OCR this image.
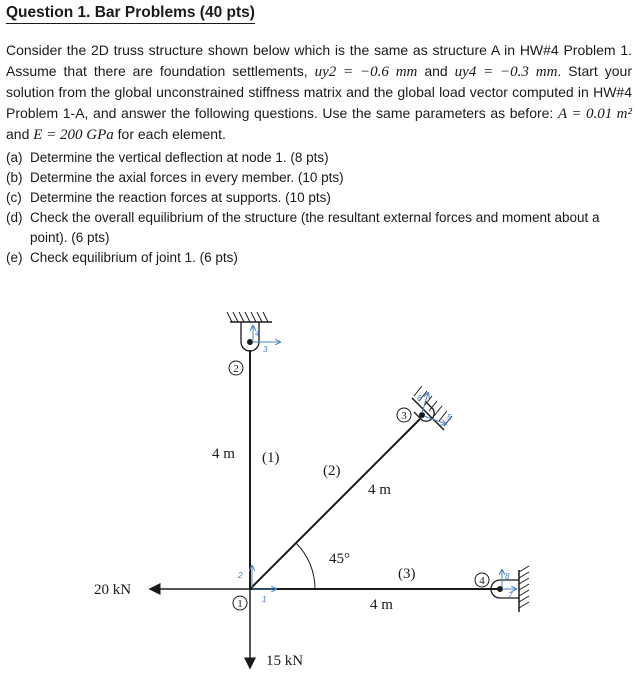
Question 1. Bar Problems (40 pts)

Consider the 2D truss structure shown below which is the same as structure A in HW#4 Problem 1. Assume that there are foundation settlements, uy2 = −0.6 mm and uy4 = −0.3 mm. Start your solution from the global unconstrained stiffness matrix and the global load vector computed in HW#4 Problem 1-A, and answer the following questions. Use the same parameters as before: A = 0.01 m² and E = 200 GPa for each element.

(a) Determine the vertical deflection at node 1. (8 pts)
(b) Determine the axial forces in every member. (10 pts)
(c) Determine the reaction forces at supports. (10 pts)
(d) Check the overall equilibrium of the structure (the resultant external forces and moment about a point). (6 pts)
(e) Check equilibrium of joint 1. (6 pts)
4
3
2
6
5
3
8
7
4
2
1
1
20 kN
15 kN
4 m (1)
(2)
4 m
45°
(3)
4 m
